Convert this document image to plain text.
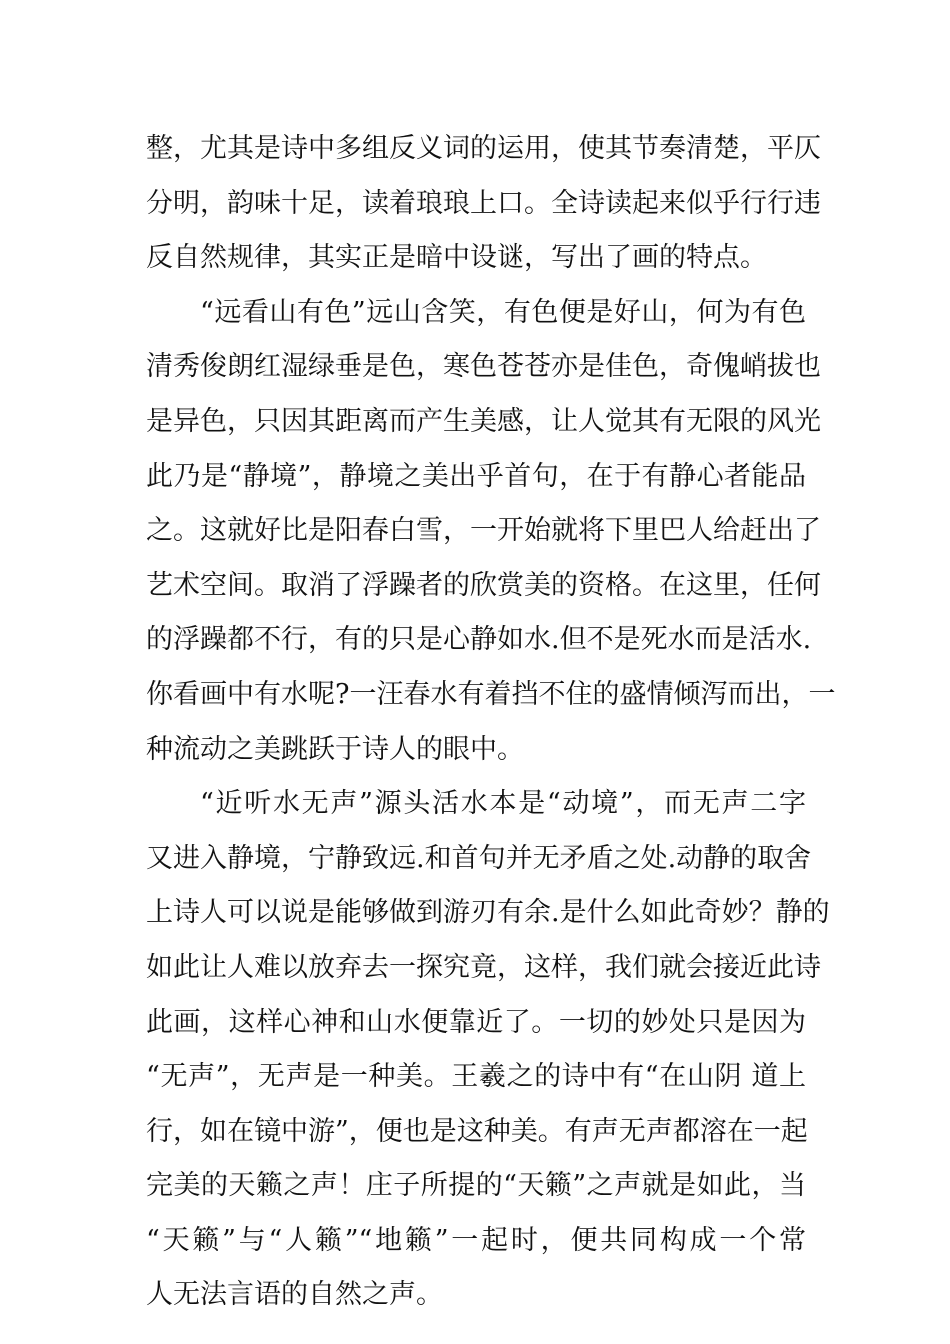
整，尤其是诗中多组反义词的运用，使其节奏清楚，平仄
分明，韵味十足，读着琅琅上口。全诗读起来似乎行行违
反自然规律，其实正是暗中设谜，写出了画的特点。
“远看山有色”远山含笑，有色便是好山，何为有色
清秀俊朗红湿绿垂是色，寒色苍苍亦是佳色，奇傀峭拔也
是异色，只因其距离而产生美感，让人觉其有无限的风光
此乃是“静境”，静境之美出乎首句，在于有静心者能品
之。这就好比是阳春白雪，一开始就将下里巴人给赶出了
艺术空间。取消了浮躁者的欣赏美的资格。在这里，任何
的浮躁都不行，有的只是心静如水.但不是死水而是活水.
你看画中有水呢?一汪春水有着挡不住的盛情倾泻而出，一
种流动之美跳跃于诗人的眼中。
“近听水无声”源头活水本是“动境”，而无声二字
又进入静境，宁静致远.和首句并无矛盾之处.动静的取舍
上诗人可以说是能够做到游刃有余.是什么如此奇妙？静的
如此让人难以放弃去一探究竟，这样，我们就会接近此诗
此画，这样心神和山水便靠近了。一切的妙处只是因为
“无声”，无声是一种美。王羲之的诗中有“在山阴 道上
行，如在镜中游”，便也是这种美。有声无声都溶在一起
完美的天籁之声！庄子所提的“天籁”之声就是如此，当
“天籁”与“人籁”“地籁”一起时，便共同构成一个常
人无法言语的自然之声。
